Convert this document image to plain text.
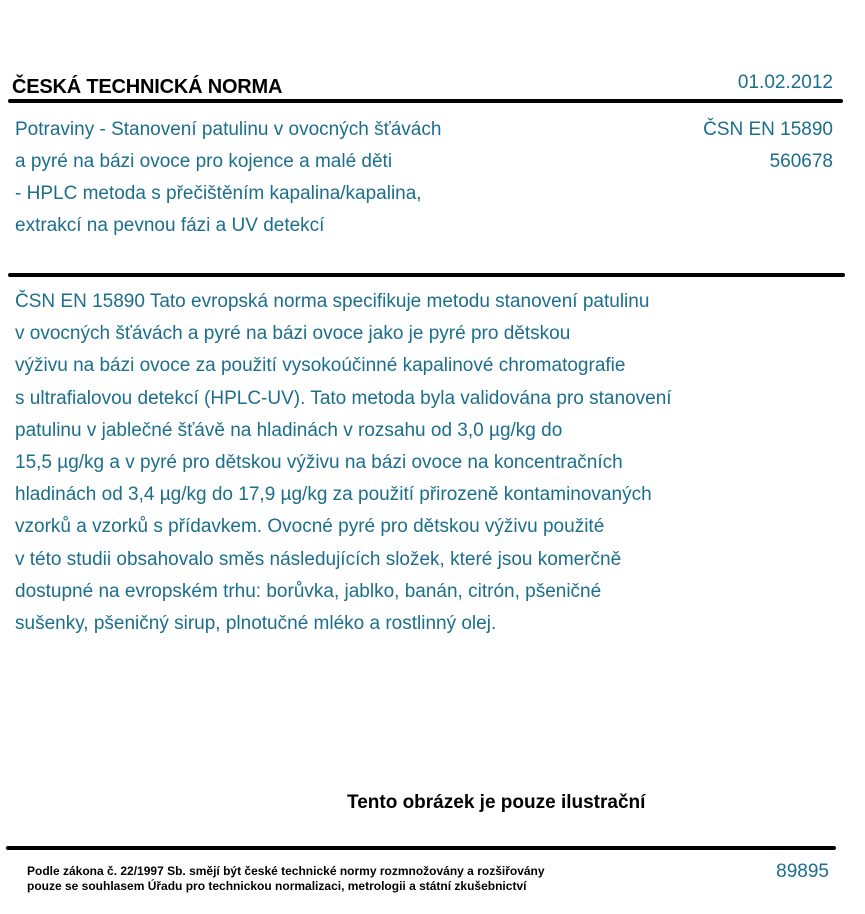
ČESKÁ TECHNICKÁ NORMA	01.02.2012
Potraviny - Stanovení patulinu v ovocných šťávách
a pyré na bázi ovoce pro kojence a malé děti
- HPLC metoda s přečištěním kapalina/kapalina,
extrakcí na pevnou fázi a UV detekcí
ČSN EN 15890
560678
ČSN EN 15890 Tato evropská norma specifikuje metodu stanovení patulinu
v ovocných šťávách a pyré na bázi ovoce jako je pyré pro dětskou
výživu na bázi ovoce za použití vysokoúčinné kapalinové chromatografie
s ultrafialovou detekcí (HPLC-UV). Tato metoda byla validována pro stanovení
patulinu v jablečné šťávě na hladinách v rozsahu od 3,0 µg/kg do
15,5 µg/kg a v pyré pro dětskou výživu na bázi ovoce na koncentračních
hladinách od 3,4 µg/kg do 17,9 µg/kg za použití přirozeně kontaminovaných
vzorků a vzorků s přídavkem. Ovocné pyré pro dětskou výživu použité
v této studii obsahovalo směs následujících složek, které jsou komerčně
dostupné na evropském trhu: borůvka, jablko, banán, citrón, pšeničné
sušenky, pšeničný sirup, plnotučné mléko a rostlinný olej.
Tento obrázek je pouze ilustrační
Podle zákona č. 22/1997 Sb. smějí být české technické normy rozmnožovány a rozšiřovány
pouze se souhlasem Úřadu pro technickou normalizaci, metrologii a státní zkušebnictví
89895
